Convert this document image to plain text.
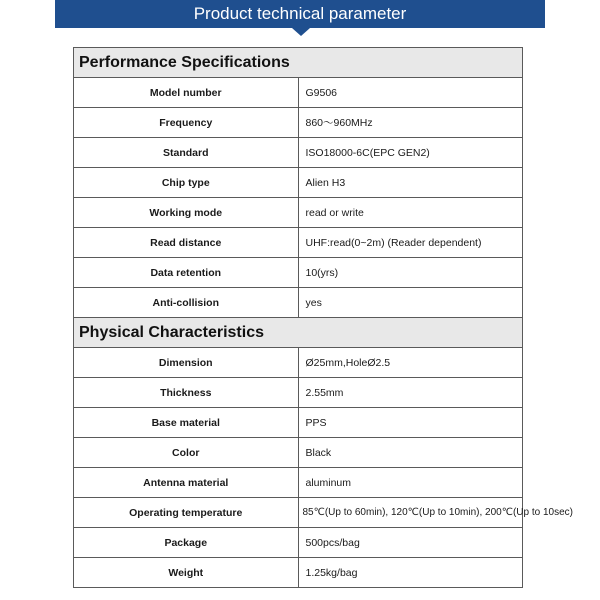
Product technical parameter
Performance Specifications	
Model number	G9506
Frequency	860～960MHz
Standard	ISO18000-6C(EPC GEN2)
Chip type	Alien H3
Working mode	read or write
Read distance	UHF:read(0~2m) (Reader dependent)
Data retention	10(yrs)
Anti-collision	yes
Physical Characteristics	
Dimension	Ø25mm,HoleØ2.5
Thickness	2.55mm
Base material	PPS
Color	Black
Antenna material	aluminum
Operating temperature	85℃(Up to 60min), 120℃(Up to 10min), 200℃(Up to 10sec)
Package	500pcs/bag
Weight	1.25kg/bag
